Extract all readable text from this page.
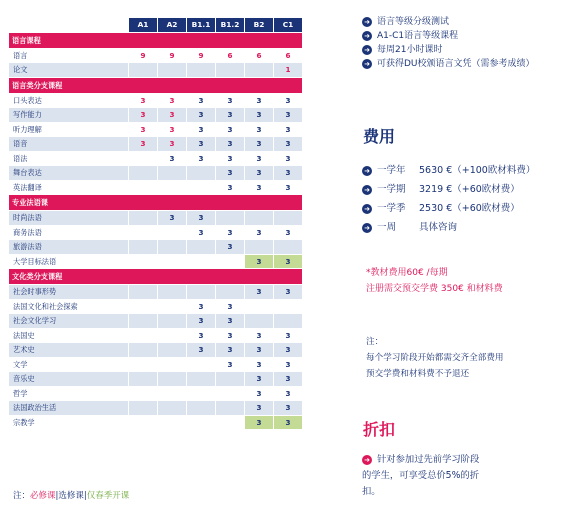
	A1	A2	B1.1	B1.2	B2	C1
语言课程						
语言	9	9	9	6	6	6
论文						1
语言类分支课程						
口头表达	3	3	3	3	3	3
写作能力	3	3	3	3	3	3
听力理解	3	3	3	3	3	3
语音	3	3	3	3	3	3
语法		3	3	3	3	3
舞台表达				3	3	3
英法翻译				3	3	3
专业法语课						
时尚法语		3	3			
商务法语			3	3	3	3
旅游法语				3		
大学目标法语					3	3
文化类分支课程						
社会时事形势					3	3
法国文化和社会探索			3	3		
社会文化学习			3	3		
法国史			3	3	3	3
艺术史			3	3	3	3
文学				3	3	3
音乐史					3	3
哲学					3	3
法国政治生活					3	3
宗教学					3	3
注：必修课|选修课|仅春季开课
➜ 语言等级分级测试
➜ A1-C1语言等级课程
➜ 每周21小时课时
➜ 可获得DU校颁语言文凭（需参考成绩）
费用
➜ 一学年 5630 €（+100欧材料费）
➜ 一学期 3219 €（+60欧材费）
➜ 一学季 2530 €（+60欧材费）
➜ 一周 具体咨询
*教材费用60€ /每期
注册需交预交学费 350€ 和材料费
注：
每个学习阶段开始都需交齐全部费用
预交学费和材料费不予退还
折扣
➜ 针对参加过先前学习阶段
的学生，可享受总价5%的折
扣。
